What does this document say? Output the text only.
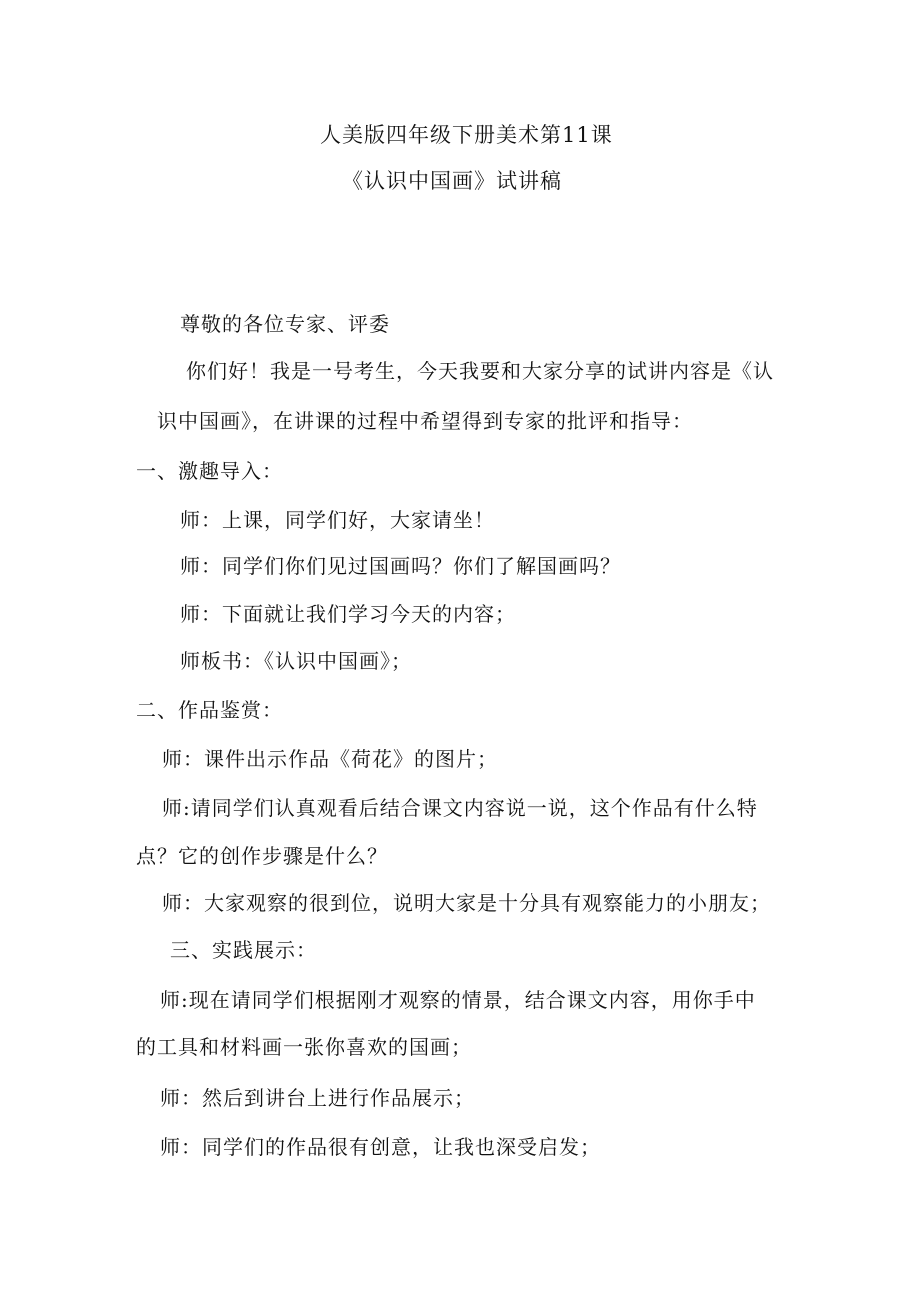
人美版四年级下册美术第11课
《认识中国画》试讲稿
尊敬的各位专家、评委
你们好！我是一号考生，今天我要和大家分享的试讲内容是《认
识中国画》，在讲课的过程中希望得到专家的批评和指导：
一、激趣导入：
师：上课，同学们好，大家请坐！
师：同学们你们见过国画吗？你们了解国画吗？
师：下面就让我们学习今天的内容；
师板书：《认识中国画》；
二、作品鉴赏：
师：课件出示作品《荷花》的图片；
师:请同学们认真观看后结合课文内容说一说，这个作品有什么特
点？它的创作步骤是什么？
师：大家观察的很到位，说明大家是十分具有观察能力的小朋友；
三、实践展示：
师:现在请同学们根据刚才观察的情景，结合课文内容，用你手中
的工具和材料画一张你喜欢的国画；
师：然后到讲台上进行作品展示；
师：同学们的作品很有创意，让我也深受启发；
